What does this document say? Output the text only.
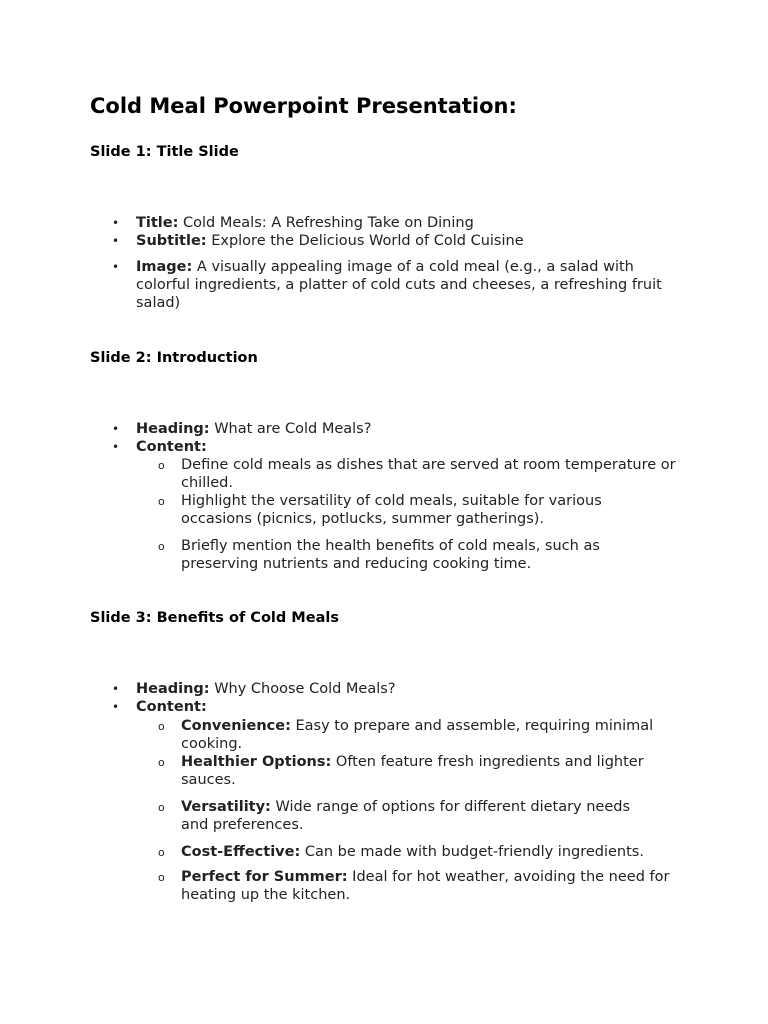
Cold Meal Powerpoint Presentation:
Slide 1: Title Slide
• Title: Cold Meals: A Refreshing Take on Dining
• Subtitle: Explore the Delicious World of Cold Cuisine
• Image: A visually appealing image of a cold meal (e.g., a salad with colorful ingredients, a platter of cold cuts and cheeses, a refreshing fruit salad)
Slide 2: Introduction
• Heading: What are Cold Meals?
• Content:
o Define cold meals as dishes that are served at room temperature or chilled.
o Highlight the versatility of cold meals, suitable for various occasions (picnics, potlucks, summer gatherings).
o Briefly mention the health benefits of cold meals, such as preserving nutrients and reducing cooking time.
Slide 3: Benefits of Cold Meals
• Heading: Why Choose Cold Meals?
• Content:
o Convenience: Easy to prepare and assemble, requiring minimal cooking.
o Healthier Options: Often feature fresh ingredients and lighter sauces.
o Versatility: Wide range of options for different dietary needs and preferences.
o Cost-Effective: Can be made with budget-friendly ingredients.
o Perfect for Summer: Ideal for hot weather, avoiding the need for heating up the kitchen.
